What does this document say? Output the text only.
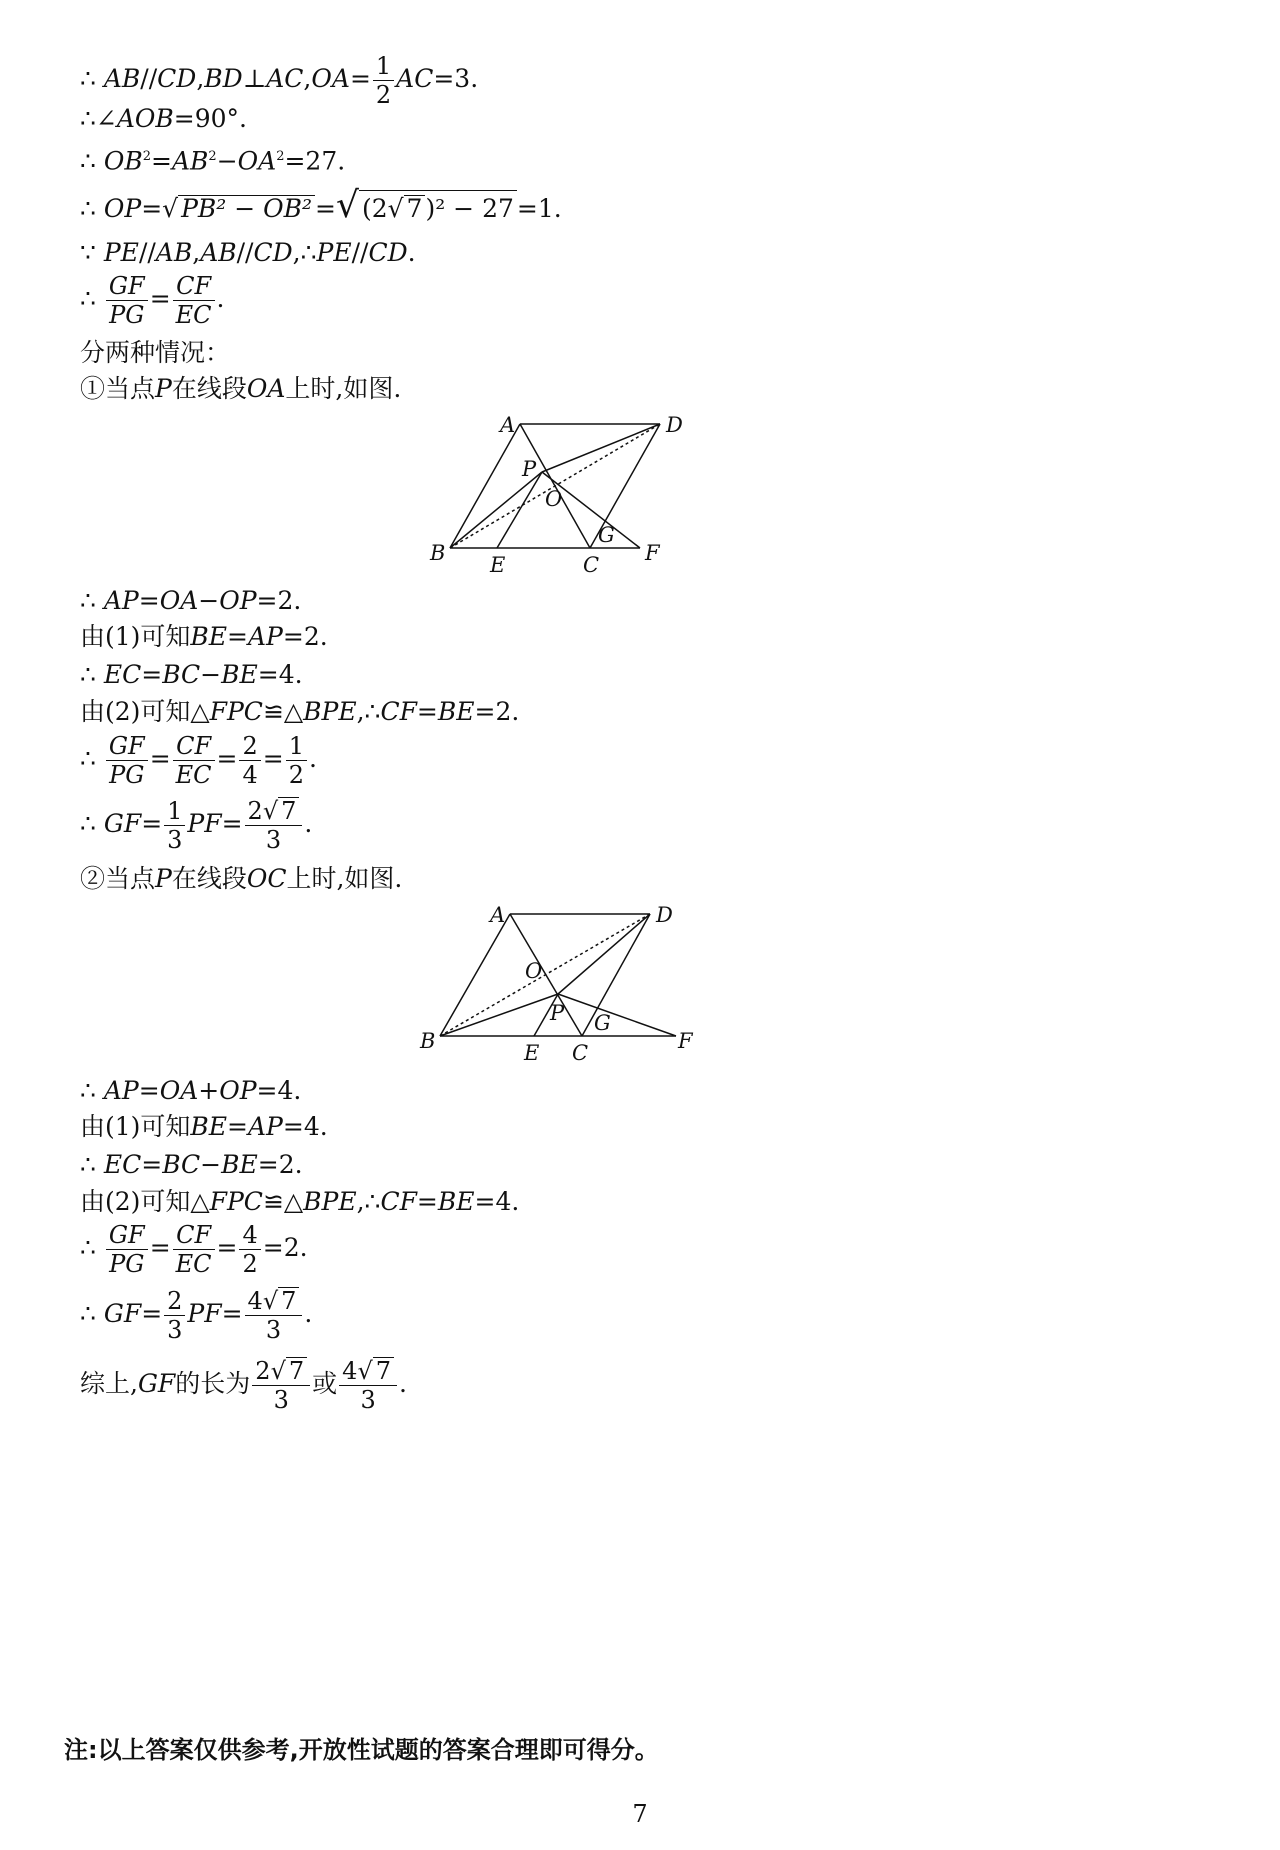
∴ AB//CD,BD⊥AC,OA= $\frac{1}{2} AC=3$.
∴∠AOB=90°.
∴ $OB^2=AB^2-OA^2=27$.
∴ OP=√ PB² − OB² =√ (2√ 7 )² − 27 =1.
∵ PE//AB,AB//CD,∴PE//CD.
∴ $\frac{GF}{PG} = \frac{CF}{EC}$ .
分两种情况：
①当点P在线段OA上时,如图.
A	D
P
O
G
B E	C F
∴ AP=OA−OP=2.
由(1)可知BE=AP=2.
∴ EC=BC−BE=4.
由(2)可知△FPC≌△BPE,∴CF=BE=2.
∴ $\frac{GF}{PG} = \frac{CF}{EC} = \frac{2}{4} = \frac{1}{2}$ .
∴ $GF= \frac{1}{3} PF= \frac{2√ 7}{3}$ .
②当点P在线段OC上时,如图.
A	D
O
P G
B	E C	F
∴ AP=OA+OP=4.
由(1)可知BE=AP=4.
∴ EC=BC−BE=2.
由(2)可知△FPC≌△BPE,∴CF=BE=4.
∴ $\frac{GF}{PG} = \frac{CF}{EC} = \frac{4}{2} =2$.
∴ $GF= \frac{2}{3} PF= \frac{4√ 7}{3}$ .
综上,GF的长为 $\frac{2√ 7}{3}$ 或 $\frac{4√ 7}{3}$ .
注:以上答案仅供参考,开放性试题的答案合理即可得分。
7
